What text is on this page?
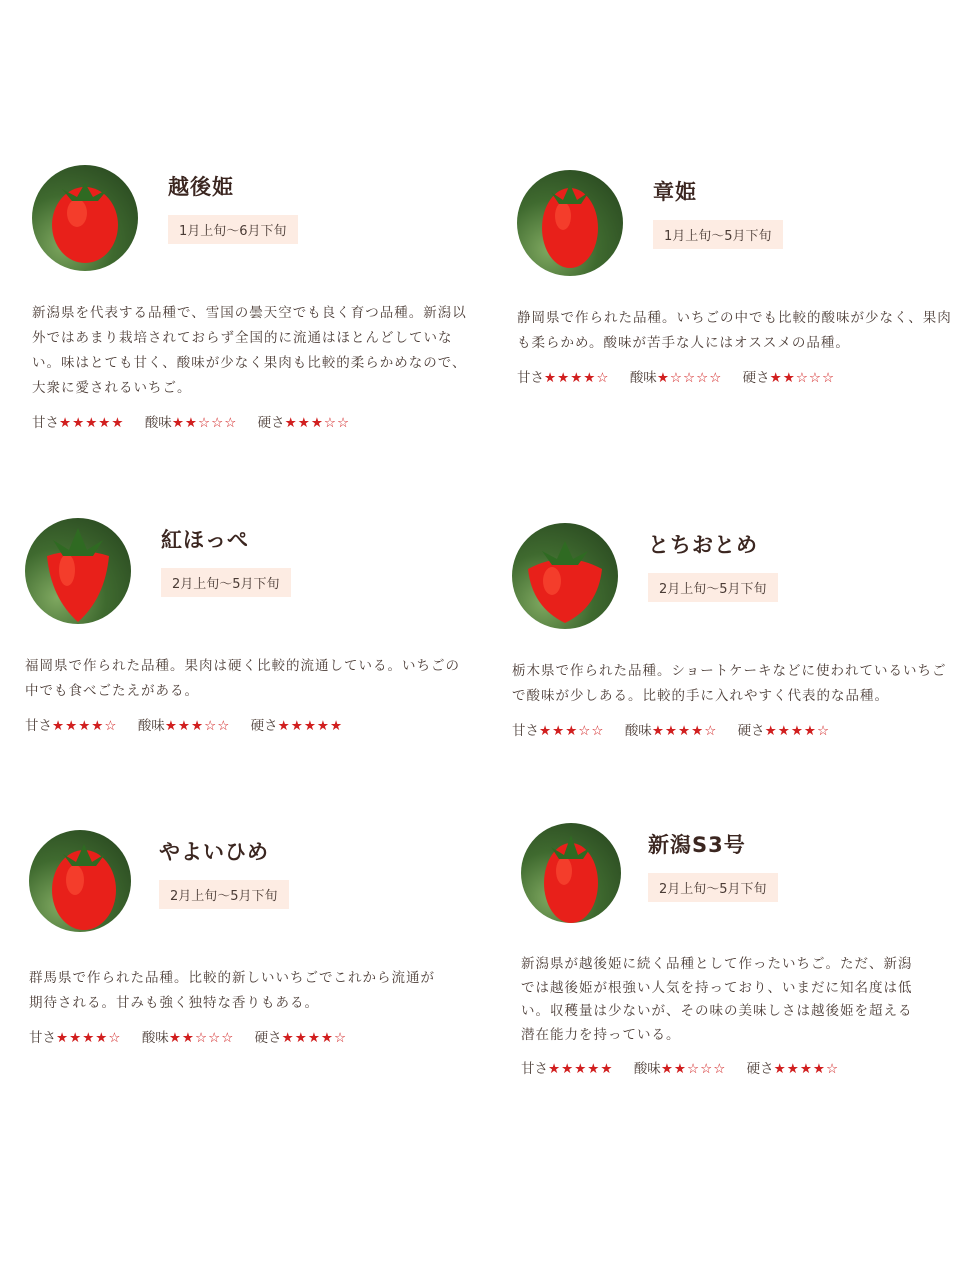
越後姫
1月上旬〜6月下旬
新潟県を代表する品種で、雪国の曇天空でも良く育つ品種。新潟以外ではあまり栽培されておらず全国的に流通はほとんどしていない。味はとても甘く、酸味が少なく果肉も比較的柔らかめなので、大衆に愛されるいちご。
甘さ★★★★★ 酸味★★☆☆☆ 硬さ★★★☆☆
章姫
1月上旬〜5月下旬
静岡県で作られた品種。いちごの中でも比較的酸味が少なく、果肉も柔らかめ。酸味が苦手な人にはオススメの品種。
甘さ★★★★☆ 酸味★☆☆☆☆ 硬さ★★☆☆☆
紅ほっぺ
2月上旬〜5月下旬
福岡県で作られた品種。果肉は硬く比較的流通している。いちごの中でも食べごたえがある。
甘さ★★★★☆ 酸味★★★☆☆ 硬さ★★★★★
とちおとめ
2月上旬〜5月下旬
栃木県で作られた品種。ショートケーキなどに使われているいちごで酸味が少しある。比較的手に入れやすく代表的な品種。
甘さ★★★☆☆ 酸味★★★★☆ 硬さ★★★★☆
やよいひめ
2月上旬〜5月下旬
群馬県で作られた品種。比較的新しいいちごでこれから流通が期待される。甘みも強く独特な香りもある。
甘さ★★★★☆ 酸味★★☆☆☆ 硬さ★★★★☆
新潟S3号
2月上旬〜5月下旬
新潟県が越後姫に続く品種として作ったいちご。ただ、新潟では越後姫が根強い人気を持っており、いまだに知名度は低い。収穫量は少ないが、その味の美味しさは越後姫を超える潜在能力を持っている。
甘さ★★★★★ 酸味★★☆☆☆ 硬さ★★★★☆
